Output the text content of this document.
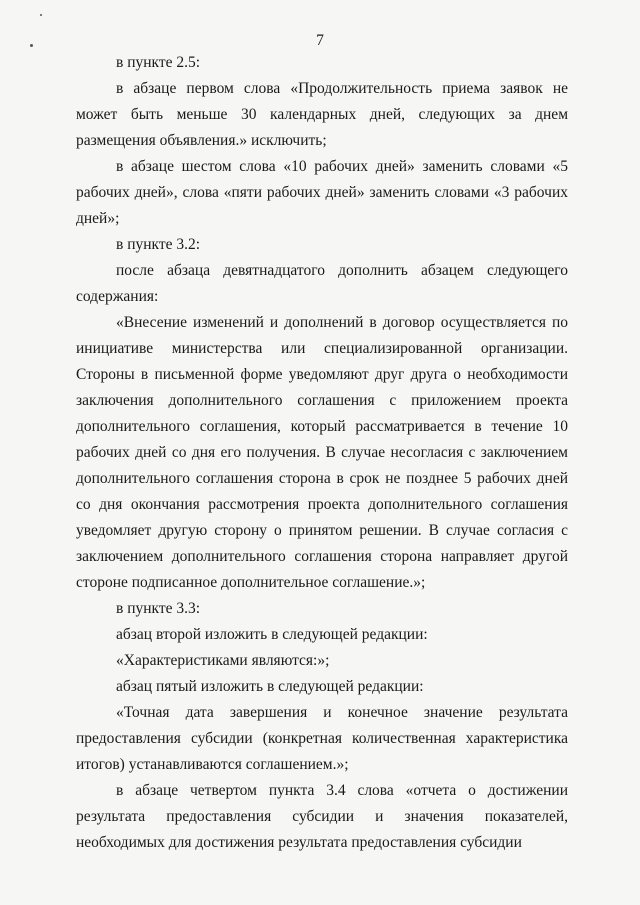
7

в пункте 2.5:

в абзаце первом слова «Продолжительность приема заявок не может быть меньше 30 календарных дней, следующих за днем размещения объявления.» исключить;

в абзаце шестом слова «10 рабочих дней» заменить словами «5 рабочих дней», слова «пяти рабочих дней» заменить словами «3 рабочих дней»;

в пункте 3.2:

после абзаца девятнадцатого дополнить абзацем следующего содержания:

«Внесение изменений и дополнений в договор осуществляется по инициативе министерства или специализированной организации. Стороны в письменной форме уведомляют друг друга о необходимости заключения дополнительного соглашения с приложением проекта дополнительного соглашения, который рассматривается в течение 10 рабочих дней со дня его получения. В случае несогласия с заключением дополнительного соглашения сторона в срок не позднее 5 рабочих дней со дня окончания рассмотрения проекта дополнительного соглашения уведомляет другую сторону о принятом решении. В случае согласия с заключением дополнительного соглашения сторона направляет другой стороне подписанное дополнительное соглашение.»;

в пункте 3.3:

абзац второй изложить в следующей редакции:

«Характеристиками являются:»;

абзац пятый изложить в следующей редакции:

«Точная дата завершения и конечное значение результата предоставления субсидии (конкретная количественная характеристика итогов) устанавливаются соглашением.»;

в абзаце четвертом пункта 3.4 слова «отчета о достижении результата предоставления субсидии и значения показателей, необходимых для достижения результата предоставления субсидии
